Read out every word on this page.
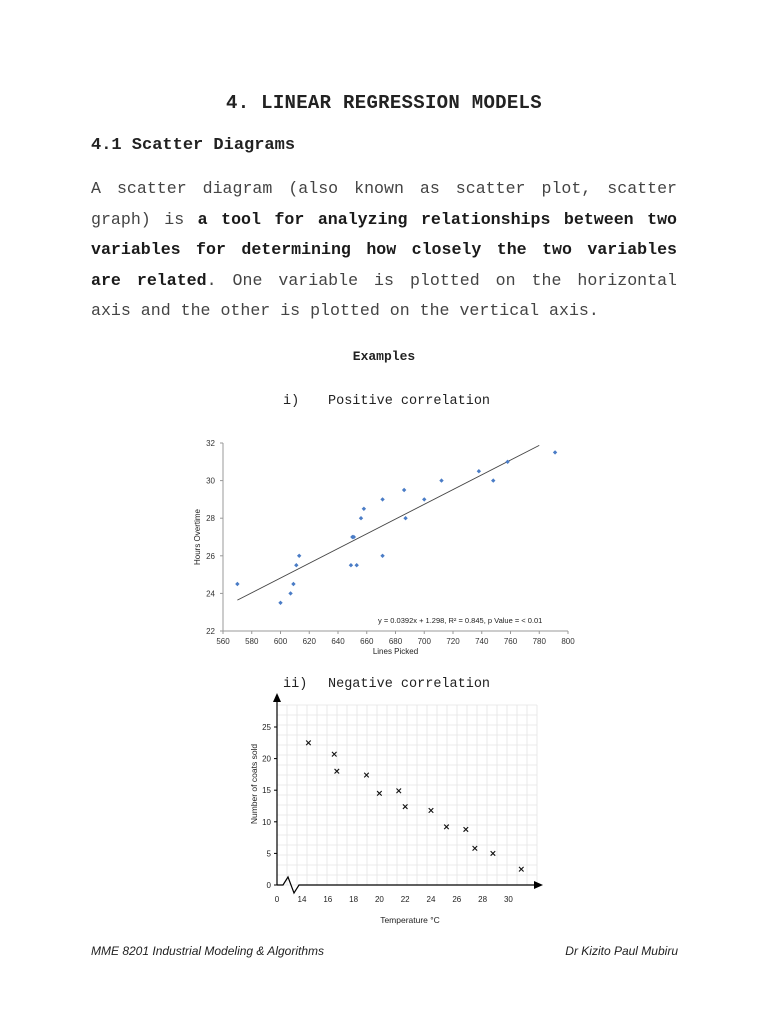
4. LINEAR REGRESSION MODELS
4.1 Scatter Diagrams
A scatter diagram (also known as scatter plot, scatter graph) is a tool for analyzing relationships between two variables for determining how closely the two variables are related. One variable is plotted on the horizontal axis and the other is plotted on the vertical axis.
Examples
i) Positive correlation
22
24
26
28
30
32
560 580 600 620 640 660 680 700 720 740 760 780 800
y = 0.0392x + 1.298, R² = 0.845, p Value = < 0.01
Lines Picked
Hours Overtime
ii) Negative correlation
0
5
10
15
20
25
0 14 16 18 20 22 24 26 28 30
Temperature °C
Number of coats sold
MME 8201 Industrial Modeling & Algorithms	Dr Kizito Paul Mubiru
